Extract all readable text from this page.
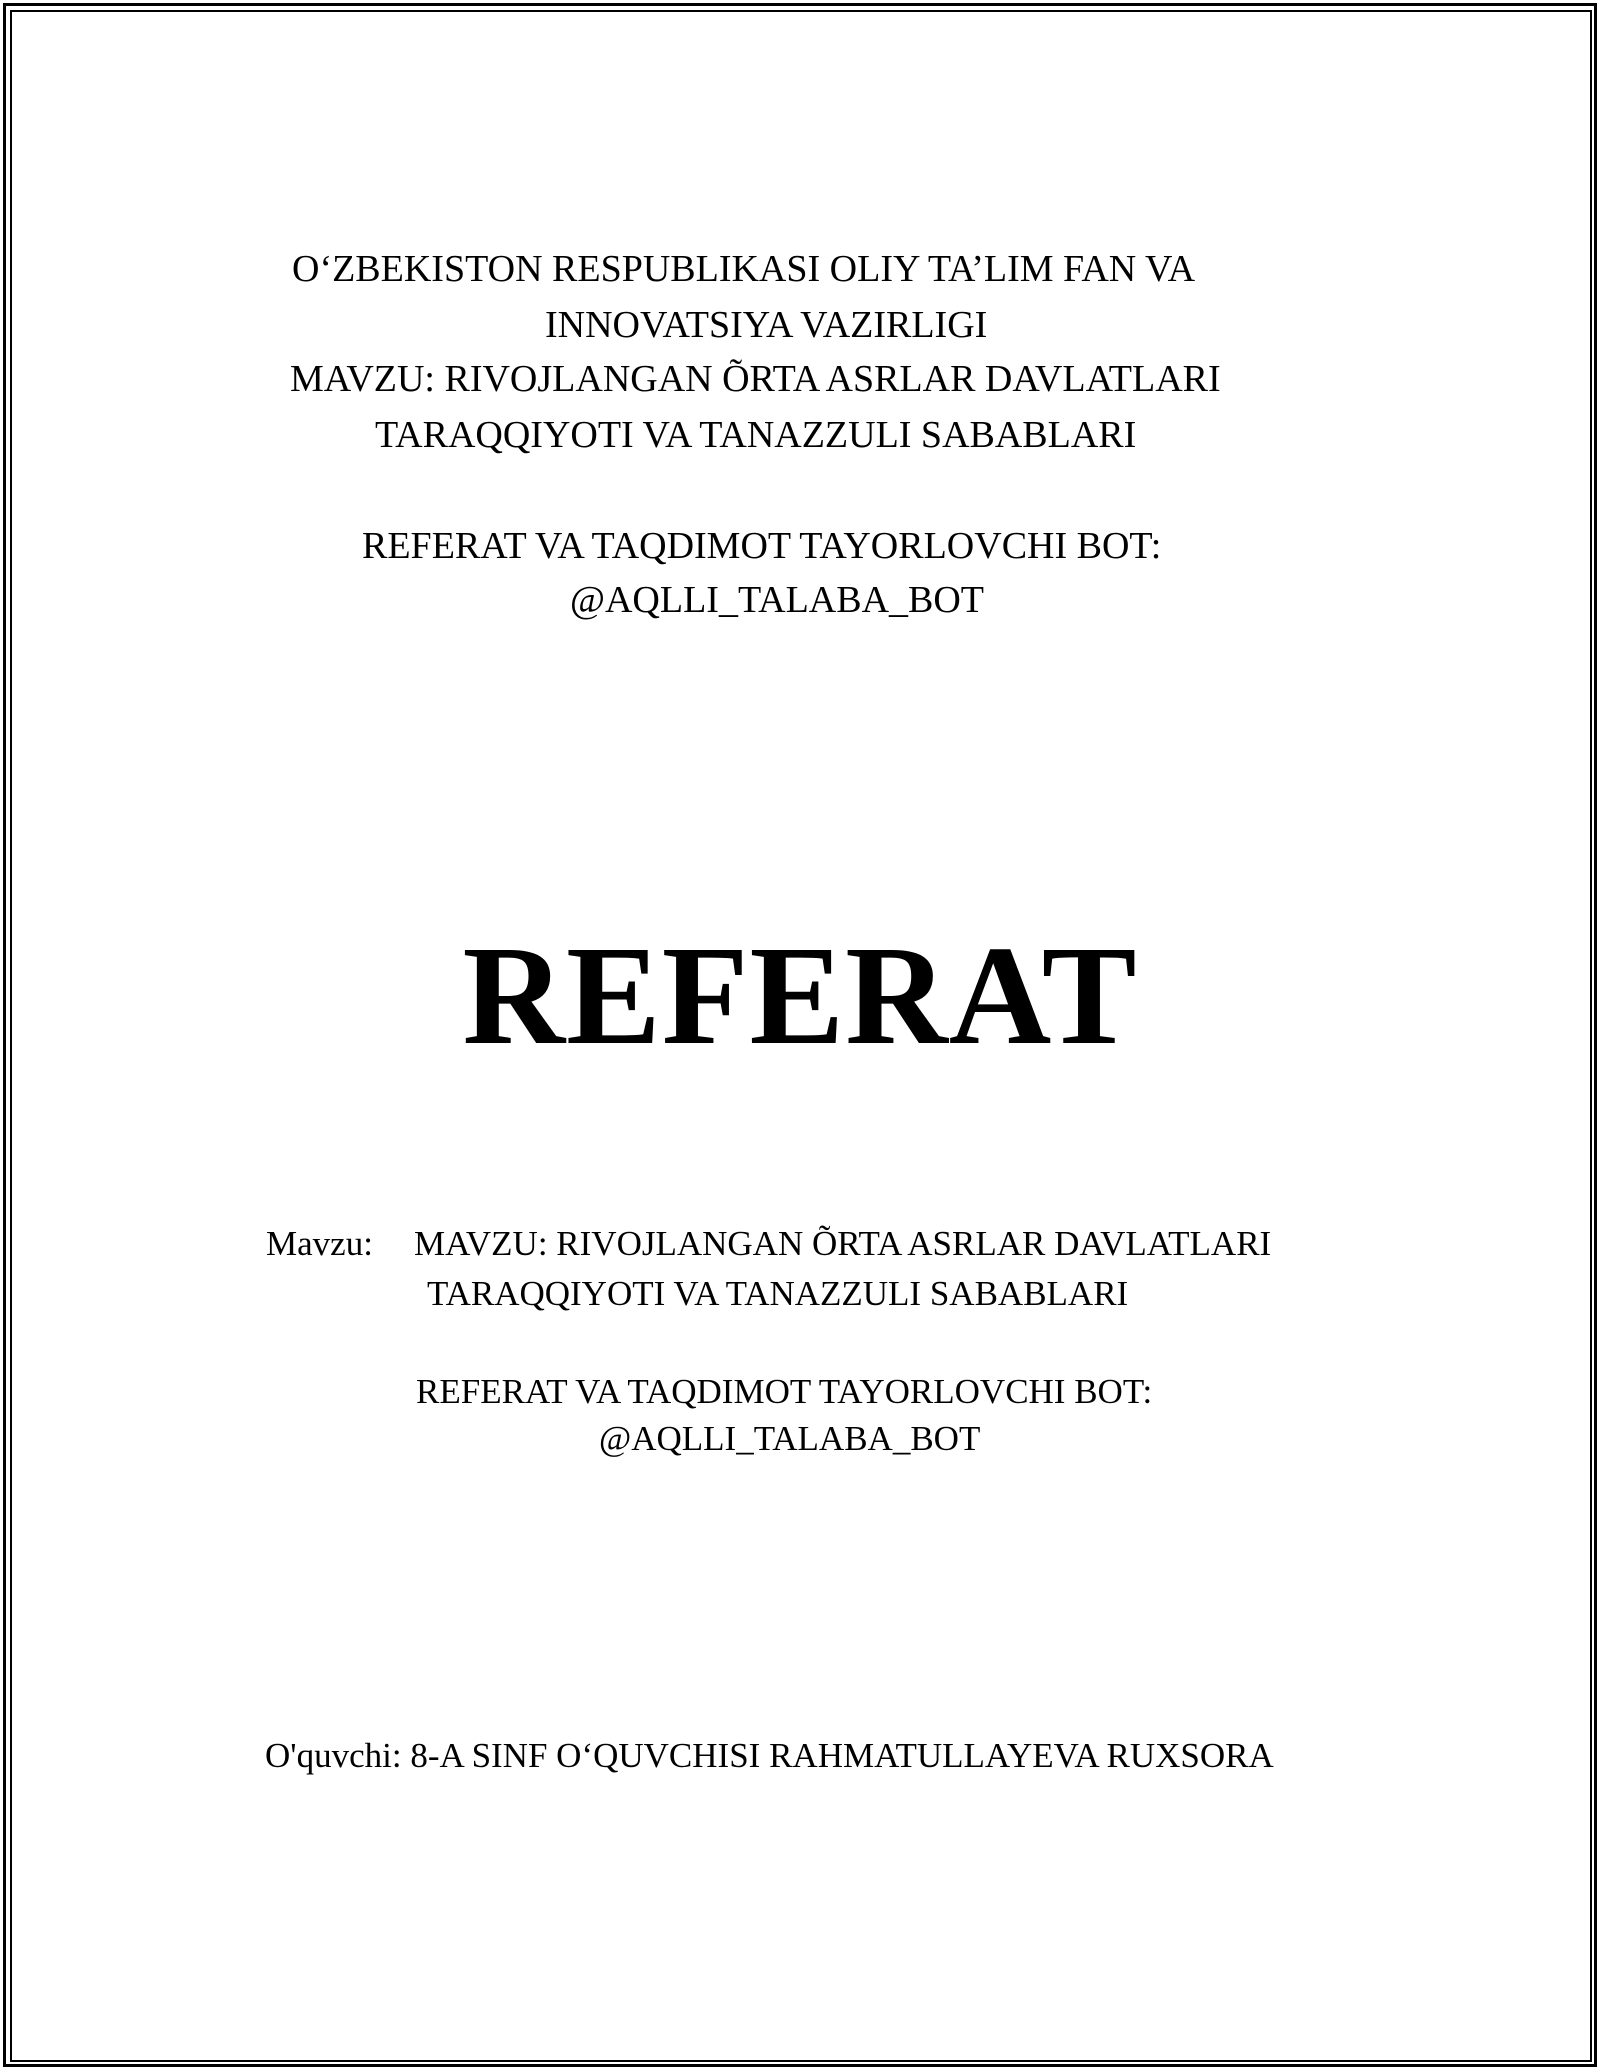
O‘ZBEKISTON RESPUBLIKASI OLIY TA’LIM FAN VA
INNOVATSIYA VAZIRLIGI
MAVZU: RIVOJLANGAN ÕRTA ASRLAR DAVLATLARI
TARAQQIYOTI VA TANAZZULI SABABLARI
REFERAT VA TAQDIMOT TAYORLOVCHI BOT:
@AQLLI_TALABA_BOT
REFERAT
Mavzu: MAVZU: RIVOJLANGAN ÕRTA ASRLAR DAVLATLARI
TARAQQIYOTI VA TANAZZULI SABABLARI
REFERAT VA TAQDIMOT TAYORLOVCHI BOT:
@AQLLI_TALABA_BOT
O'quvchi: 8-A SINF O‘QUVCHISI RAHMATULLAYEVA RUXSORA
